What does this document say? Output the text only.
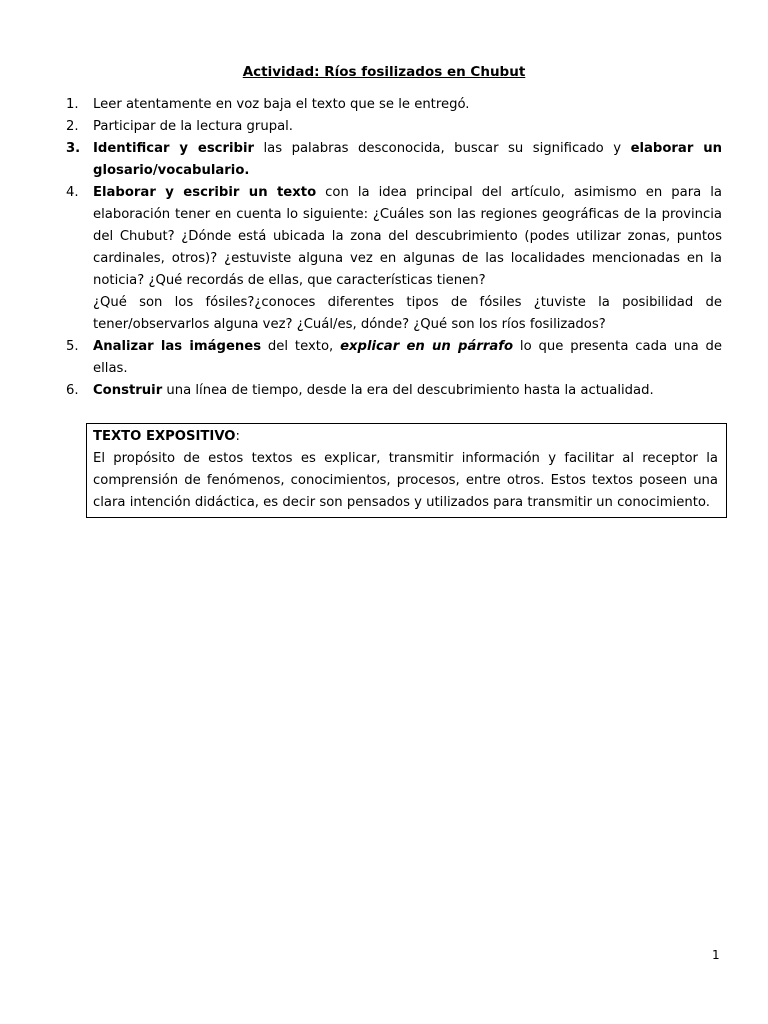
Actividad: Ríos fosilizados en Chubut
1. Leer atentamente en voz baja el texto que se le entregó.
2. Participar de la lectura grupal.
3. Identificar y escribir las palabras desconocida, buscar su significado y elaborar un glosario/vocabulario.
4. Elaborar y escribir un texto con la idea principal del artículo, asimismo en para la elaboración tener en cuenta lo siguiente: ¿Cuáles son las regiones geográficas de la provincia del Chubut? ¿Dónde está ubicada la zona del descubrimiento (podes utilizar zonas, puntos cardinales, otros)? ¿estuviste alguna vez en algunas de las localidades mencionadas en la noticia? ¿Qué recordás de ellas, que características tienen?
¿Qué son los fósiles?¿conoces diferentes tipos de fósiles ¿tuviste la posibilidad de tener/observarlos alguna vez? ¿Cuál/es, dónde? ¿Qué son los ríos fosilizados?
5. Analizar las imágenes del texto, explicar en un párrafo lo que presenta cada una de ellas.
6. Construir una línea de tiempo, desde la era del descubrimiento hasta la actualidad.
TEXTO EXPOSITIVO:
El propósito de estos textos es explicar, transmitir información y facilitar al receptor la comprensión de fenómenos, conocimientos, procesos, entre otros. Estos textos poseen una clara intención didáctica, es decir son pensados y utilizados para transmitir un conocimiento.
1
